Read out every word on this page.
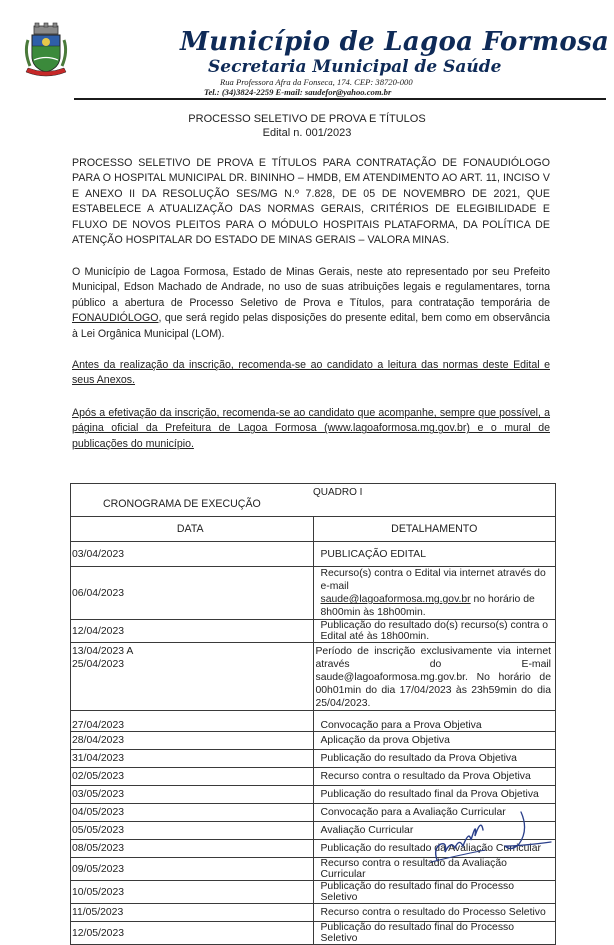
Município de Lagoa Formosa
Secretaria Municipal de Saúde
Rua Professora Afra da Fonseca, 174. CEP: 38720-000
Tel.: (34)3824-2259 E-mail: saudefor@yahoo.com.br
PROCESSO SELETIVO DE PROVA E TÍTULOS
Edital n. 001/2023

PROCESSO SELETIVO DE PROVA E TÍTULOS PARA CONTRATAÇÃO DE FONAUDIÓLOGO PARA O HOSPITAL MUNICIPAL DR. BININHO – HMDB, EM ATENDIMENTO AO ART. 11, INCISO V E ANEXO II DA RESOLUÇÃO SES/MG N.º 7.828, DE 05 DE NOVEMBRO DE 2021, QUE ESTABELECE A ATUALIZAÇÃO DAS NORMAS GERAIS, CRITÉRIOS DE ELEGIBILIDADE E FLUXO DE NOVOS PLEITOS PARA O MÓDULO HOSPITAIS PLATAFORMA, DA POLÍTICA DE ATENÇÃO HOSPITALAR DO ESTADO DE MINAS GERAIS – VALORA MINAS.

O Município de Lagoa Formosa, Estado de Minas Gerais, neste ato representado por seu Prefeito Municipal, Edson Machado de Andrade, no uso de suas atribuições legais e regulamentares, torna público a abertura de Processo Seletivo de Prova e Títulos, para contratação temporária de FONAUDIÓLOGO, que será regido pelas disposições do presente edital, bem como em observância à Lei Orgânica Municipal (LOM).

Antes da realização da inscrição, recomenda-se ao candidato a leitura das normas deste Edital e seus Anexos.

Após a efetivação da inscrição, recomenda-se ao candidato que acompanhe, sempre que possível, a página oficial da Prefeitura de Lagoa Formosa (www.lagoaformosa.mg.gov.br) e o mural de publicações do município.

QUADRO I
CRONOGRAMA DE EXECUÇÃO	

DATA	DETALHAMENTO
03/04/2023	PUBLICAÇÃO EDITAL
06/04/2023	Recurso(s) contra o Edital via internet através do e-mail
saude@lagoaformosa.mg.gov.br no horário de 8h00min às 18h00min.
12/04/2023	Publicação do resultado do(s) recurso(s) contra o Edital até às 18h00min.
13/04/2023 A
25/04/2023	Período de inscrição exclusivamente via internet através do E-mail saude@lagoaformosa.mg.gov.br. No horário de 00h01min do dia 17/04/2023 às 23h59min do dia 25/04/2023.
27/04/2023	Convocação para a Prova Objetiva
28/04/2023	Aplicação da prova Objetiva
31/04/2023	Publicação do resultado da Prova Objetiva
02/05/2023	Recurso contra o resultado da Prova Objetiva
03/05/2023	Publicação do resultado final da Prova Objetiva
04/05/2023	Convocação para a Avaliação Curricular
05/05/2023	Avaliação Curricular
08/05/2023	Publicação do resultado da Avaliação Curricular
09/05/2023	Recurso contra o resultado da Avaliação Curricular
10/05/2023	Publicação do resultado final do Processo Seletivo
11/05/2023	Recurso contra o resultado do Processo Seletivo
12/05/2023	Publicação do resultado final do Processo Seletivo
